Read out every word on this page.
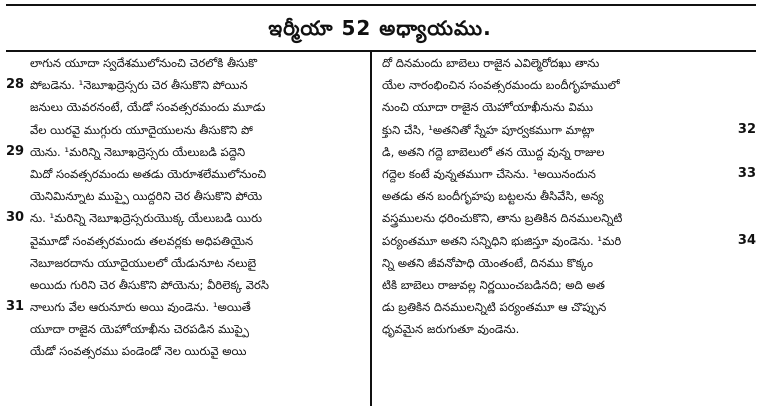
ఇర్మీయా 52 అధ్యాయము.
లాగున యూదా స్వదేశములోనుంచి చెరలోకి తీసుకొ
28 పోబడెను. ¹నెబూఖద్రెస్సరు చెర తీసుకొని పోయిన
జనులు యెవరనంటే, యేడో సంవత్సరమందు మూడు
వేల యిరవై ముగ్గురు యూదైయులను తీసుకొని పో
29 యెను. ¹మరిన్ని నెబూఖద్రెస్సరు యేలుబడి పద్దెని
మిదో సంవత్సరమందు అతడు యెరూశలేములోనుంచి
యెనిమిన్నూట ముప్పై యిద్దరిని చెర తీసుకొని పోయె
30 ను. ¹మరిన్ని నెబూఖద్రెస్సరుయొక్క యేలుబడి యిరు
వైమూడో సంవత్సరమందు తలవర్లకు అధిపతియైన
నెబూజరదాను యూదైయులలో యేడునూట నలుబై
అయిదు గురిని చెర తీసుకొని పోయెను; వీరిలెక్క వెరసి
31 నాలుగు వేల ఆరునూరు అయి వుండెను. ¹అయితే
యూదా రాజైన యెహోయాఖీను చెరపడిన ముప్పై
యేడో సంవత్సరము పండెండో నెల యిరువై అయి
దో దినమందు బాబెలు రాజైన ఎవిల్మెరోదఖు తాను
యేల నారంభించిన సంవత్సరమందు బందీగృహములో
నుంచి యూదా రాజైన యెహోయాఖీనును విము
32
క్తుని చేసి, ¹అతనితో స్నేహ పూర్వకముగా మాట్లా
డి, అతని గద్దె బాబెలులో తన యొద్ద వున్న రాజుల
33
గద్దెల కంటే వున్నతముగా చేసెను. ¹అయినందున
అతడు తన బందీగృహపు బట్టలను తీసివేసి, అన్య
వస్త్రములను ధరించుకొని, తాను బ్రతికిన దినములన్నిటి
34
పర్యంతమూ అతని సన్నిధిని భుజిస్తూ వుండెను. ¹మరి
న్ని అతని జీవనోపాధి యెంతంటే, దినము కొక్కం
టికి బాబెలు రాజువల్ల నిర్ణయించబడినది; అది అత
డు బ్రతికిన దినములన్నిటి పర్యంతమూ ఆ చొప్పున
ధృవమైన జరుగుతూ వుండెను.
